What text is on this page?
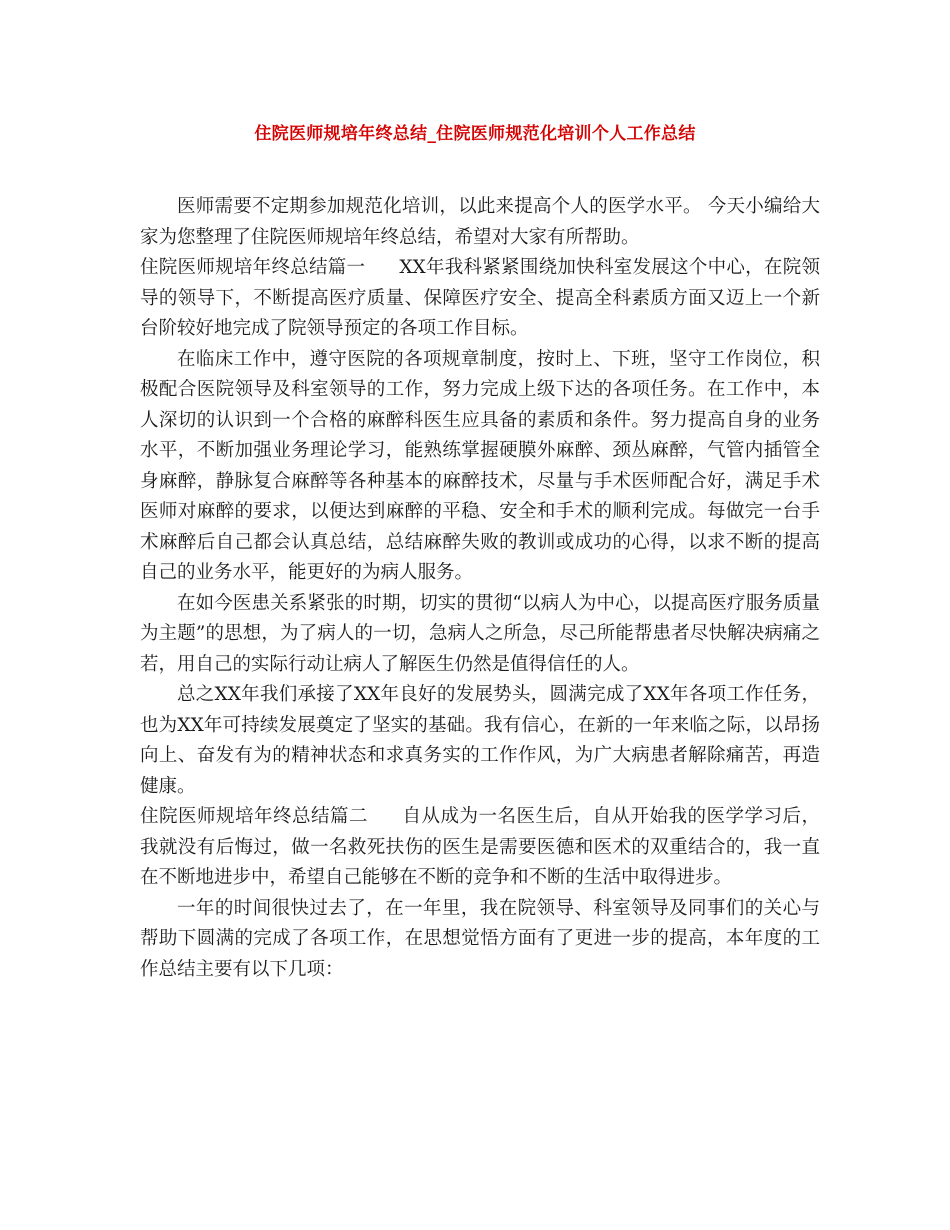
住院医师规培年终总结_住院医师规范化培训个人工作总结

医师需要不定期参加规范化培训，以此来提高个人的医学水平。 今天小编给大家为您整理了住院医师规培年终总结，希望对大家有所帮助。

住院医师规培年终总结篇一 XX年我科紧紧围绕加快科室发展这个中心，在院领导的领导下，不断提高医疗质量、保障医疗安全、提高全科素质方面又迈上一个新台阶较好地完成了院领导预定的各项工作目标。

在临床工作中，遵守医院的各项规章制度，按时上、下班，坚守工作岗位，积极配合医院领导及科室领导的工作，努力完成上级下达的各项任务。在工作中，本人深切的认识到一个合格的麻醉科医生应具备的素质和条件。努力提高自身的业务水平，不断加强业务理论学习，能熟练掌握硬膜外麻醉、颈丛麻醉，气管内插管全身麻醉，静脉复合麻醉等各种基本的麻醉技术，尽量与手术医师配合好，满足手术医师对麻醉的要求，以便达到麻醉的平稳、安全和手术的顺利完成。每做完一台手术麻醉后自己都会认真总结，总结麻醉失败的教训或成功的心得，以求不断的提高自己的业务水平，能更好的为病人服务。

在如今医患关系紧张的时期，切实的贯彻“以病人为中心，以提高医疗服务质量为主题”的思想，为了病人的一切，急病人之所急，尽己所能帮患者尽快解决病痛之若，用自己的实际行动让病人了解医生仍然是值得信任的人。

总之XX年我们承接了XX年良好的发展势头，圆满完成了XX年各项工作任务，也为XX年可持续发展奠定了坚实的基础。我有信心，在新的一年来临之际，以昂扬向上、奋发有为的精神状态和求真务实的工作作风，为广大病患者解除痛苦，再造健康。

住院医师规培年终总结篇二 自从成为一名医生后，自从开始我的医学学习后，我就没有后悔过，做一名救死扶伤的医生是需要医德和医术的双重结合的，我一直在不断地进步中，希望自己能够在不断的竞争和不断的生活中取得进步。

一年的时间很快过去了，在一年里，我在院领导、科室领导及同事们的关心与帮助下圆满的完成了各项工作，在思想觉悟方面有了更进一步的提高，本年度的工作总结主要有以下几项：
